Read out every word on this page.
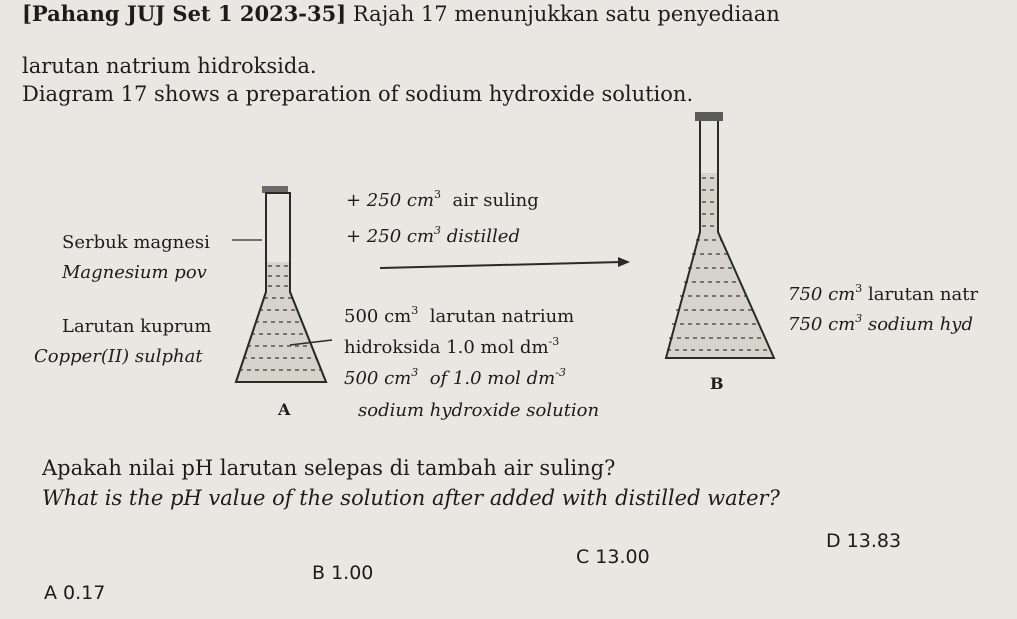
[Pahang JUJ Set 1 2023-35] Rajah 17 menunjukkan satu penyediaan
larutan natrium hidroksida.
Diagram 17 shows a preparation of sodium hydroxide solution.
Serbuk magnesi
Magnesium pov
Larutan kuprum
Copper(II) sulphat
A
B
+ 250 $cm^3$ air suling
+ 250 $cm^3$ distilled
500 $cm^3$ larutan natrium
hidroksida 1.0 mol $dm^{-3}$
500 $cm^3$ of 1.0 mol $dm^{-3}$
sodium hydroxide solution
750 $cm^3$ larutan natr
750 $cm^3$ sodium hyd
Apakah nilai pH larutan selepas di tambah air suling?
What is the pH value of the solution after added with distilled water?
A 0.17
B 1.00
C 13.00
D 13.83
